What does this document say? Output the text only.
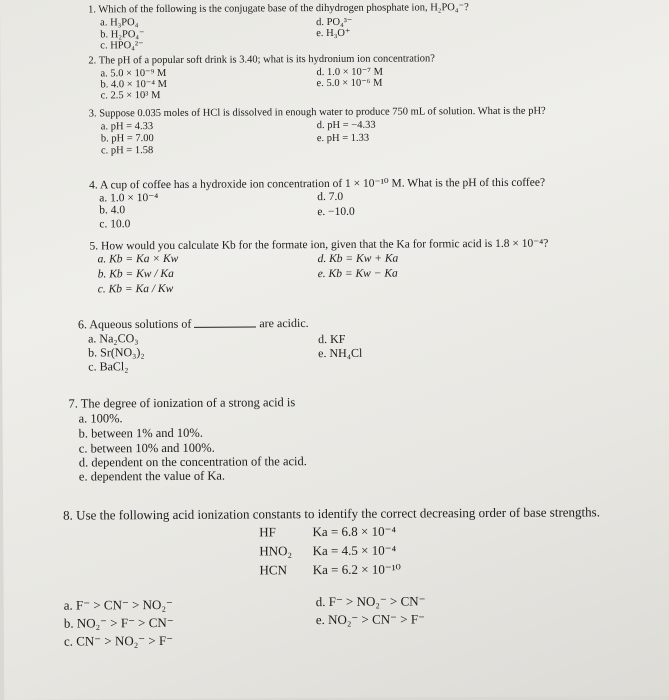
1. Which of the following is the conjugate base of the dihydrogen phosphate ion, H₂PO₄⁻?
a. H₃PO₄
b. H₂PO₄⁻
c. HPO₄²⁻
d. PO₄³⁻
e. H₃O⁺
2. The pH of a popular soft drink is 3.40; what is its hydronium ion concentration?
a. 5.0 × 10⁻⁹ M
b. 4.0 × 10⁻⁴ M
c. 2.5 × 10³ M
d. 1.0 × 10⁻⁷ M
e. 5.0 × 10⁻⁶ M
3. Suppose 0.035 moles of HCl is dissolved in enough water to produce 750 mL of solution. What is the pH?
a. pH = 4.33
b. pH = 7.00
c. pH = 1.58
d. pH = −4.33
e. pH = 1.33
4. A cup of coffee has a hydroxide ion concentration of 1 × 10⁻¹⁰ M. What is the pH of this coffee?
a. 1.0 × 10⁻⁴
b. 4.0
c. 10.0
d. 7.0
e. −10.0
5. How would you calculate Kb for the formate ion, given that the Ka for formic acid is 1.8 × 10⁻⁴?
a. Kb = Ka × Kw
b. Kb = Kw / Ka
c. Kb = Ka / Kw
d. Kb = Kw + Ka
e. Kb = Kw − Ka
6. Aqueous solutions of	are acidic.
a. Na₂CO₃
b. Sr(NO₃)₂
c. BaCl₂
d. KF
e. NH₄Cl
7. The degree of ionization of a strong acid is
a. 100%.
b. between 1% and 10%.
c. between 10% and 100%.
d. dependent on the concentration of the acid.
e. dependent the value of Ka.
8. Use the following acid ionization constants to identify the correct decreasing order of base strengths.
HF	Ka = 6.8 × 10⁻⁴
HNO₂ Ka = 4.5 × 10⁻⁴
HCN Ka = 6.2 × 10⁻¹⁰
a. F⁻ > CN⁻ > NO₂⁻
b. NO₂⁻ > F⁻ > CN⁻
c. CN⁻ > NO₂⁻ > F⁻
d. F⁻ > NO₂⁻ > CN⁻
e. NO₂⁻ > CN⁻ > F⁻
